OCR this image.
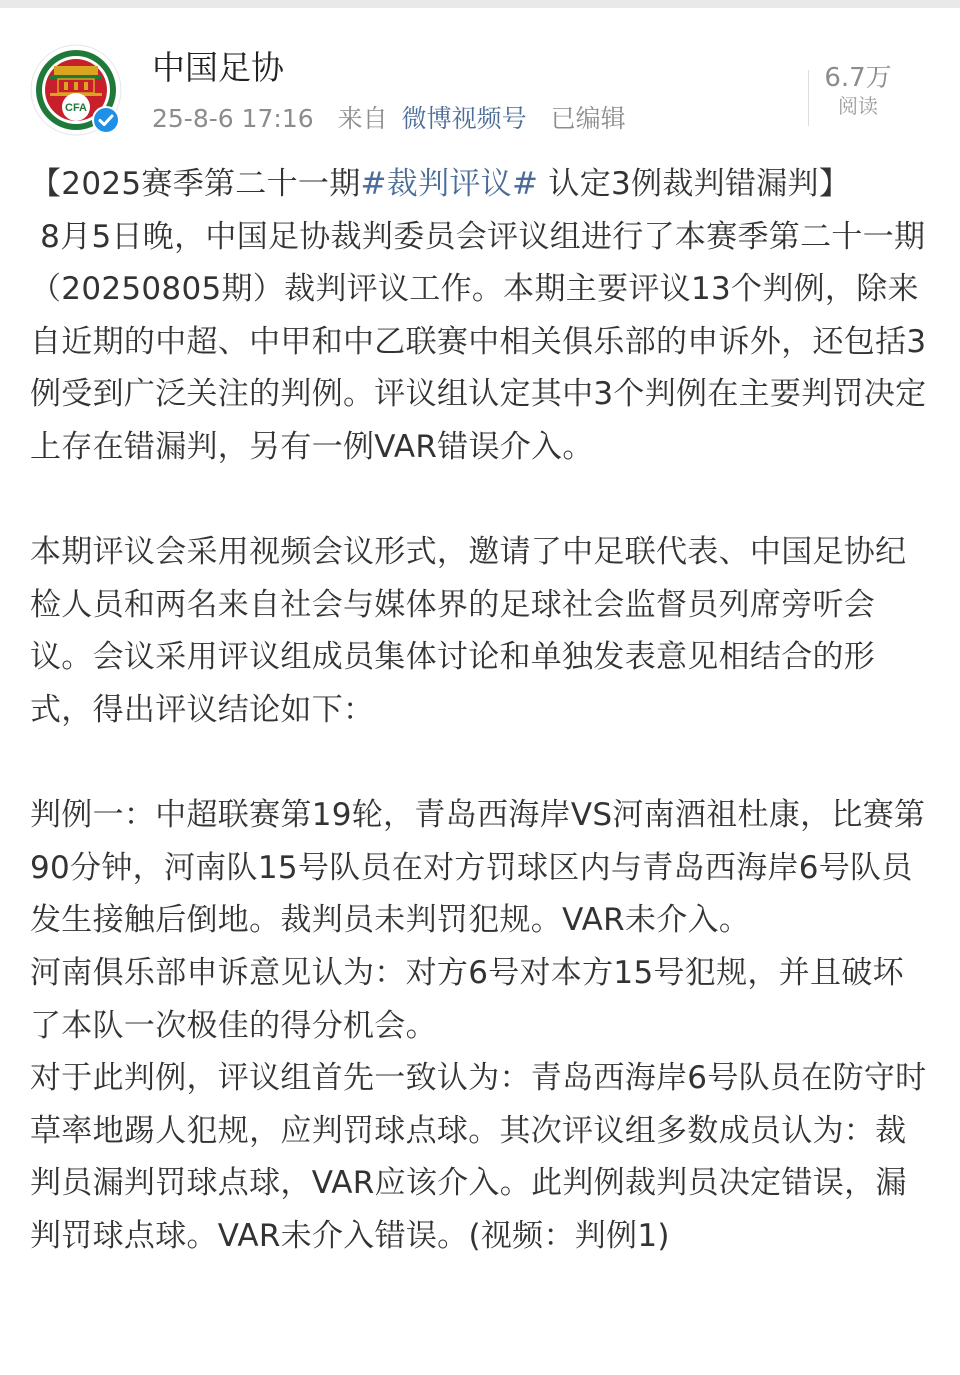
CFA
中国足协
25-8-6 17:16 来自 微博视频号 已编辑
6.7万
阅读

【2025赛季第二十一期#裁判评议# 认定3例裁判错漏判】

8月5日晚，中国足协裁判委员会评议组进行了本赛季第二十一期（20250805期）裁判评议工作。本期主要评议13个判例，除来自近期的中超、中甲和中乙联赛中相关俱乐部的申诉外，还包括3例受到广泛关注的判例。评议组认定其中3个判例在主要判罚决定上存在错漏判，另有一例VAR错误介入。

本期评议会采用视频会议形式，邀请了中足联代表、中国足协纪检人员和两名来自社会与媒体界的足球社会监督员列席旁听会议。会议采用评议组成员集体讨论和单独发表意见相结合的形式，得出评议结论如下：

判例一：中超联赛第19轮，青岛西海岸VS河南酒祖杜康，比赛第90分钟，河南队15号队员在对方罚球区内与青岛西海岸6号队员发生接触后倒地。裁判员未判罚犯规。VAR未介入。

河南俱乐部申诉意见认为：对方6号对本方15号犯规，并且破坏了本队一次极佳的得分机会。

对于此判例，评议组首先一致认为：青岛西海岸6号队员在防守时草率地踢人犯规，应判罚球点球。其次评议组多数成员认为：裁判员漏判罚球点球，VAR应该介入。此判例裁判员决定错误，漏判罚球点球。VAR未介入错误。(视频：判例1)
